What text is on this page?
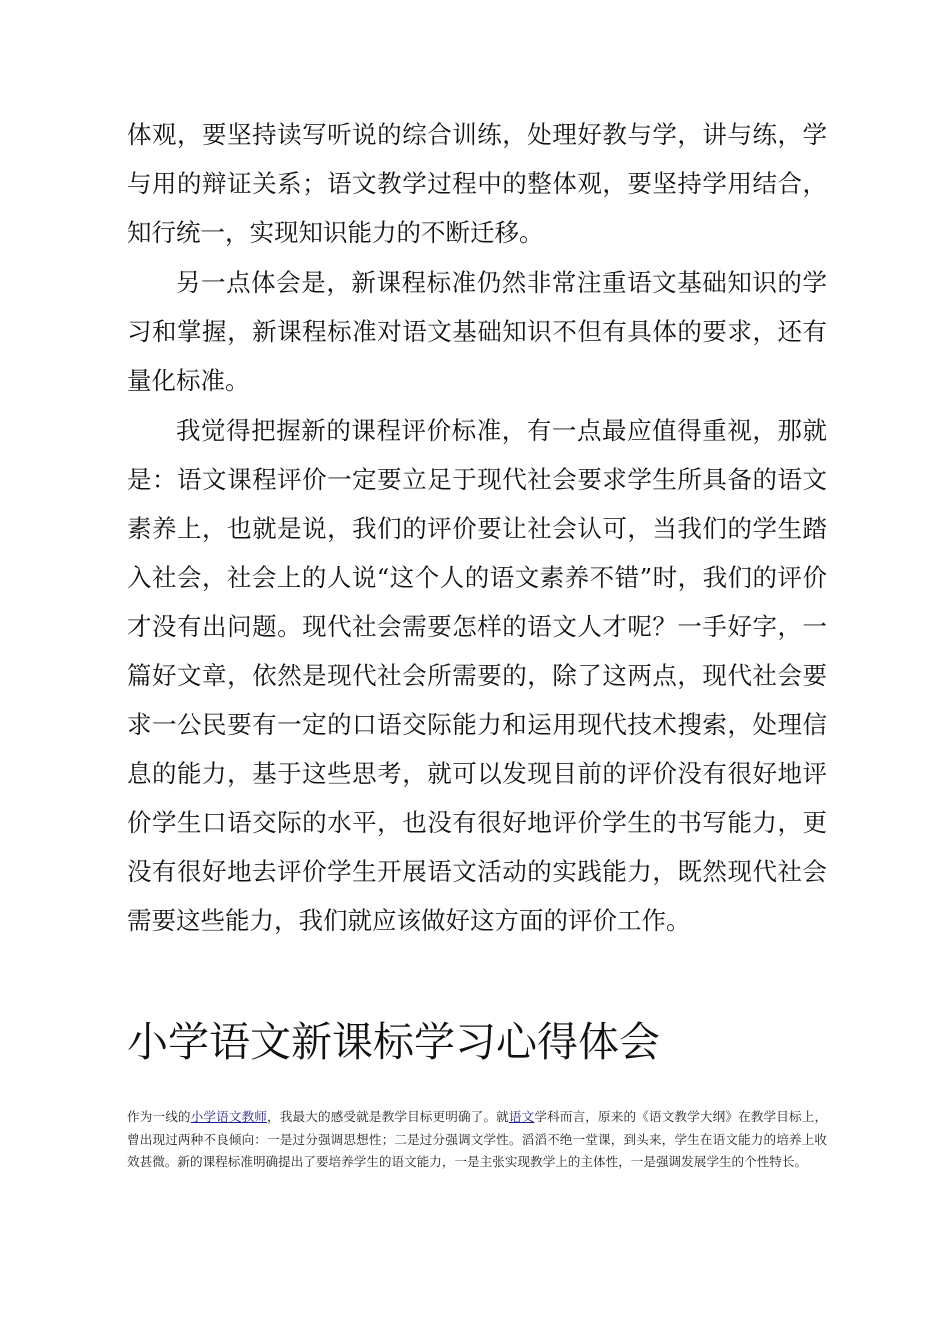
体观，要坚持读写听说的综合训练，处理好教与学，讲与练，学与用的辩证关系；语文教学过程中的整体观，要坚持学用结合，知行统一，实现知识能力的不断迁移。

另一点体会是，新课程标准仍然非常注重语文基础知识的学习和掌握，新课程标准对语文基础知识不但有具体的要求，还有量化标准。

我觉得把握新的课程评价标准，有一点最应值得重视，那就是：语文课程评价一定要立足于现代社会要求学生所具备的语文素养上，也就是说，我们的评价要让社会认可，当我们的学生踏入社会，社会上的人说“这个人的语文素养不错”时，我们的评价才没有出问题。现代社会需要怎样的语文人才呢？一手好字，一篇好文章，依然是现代社会所需要的，除了这两点，现代社会要求一公民要有一定的口语交际能力和运用现代技术搜索，处理信息的能力，基于这些思考，就可以发现目前的评价没有很好地评价学生口语交际的水平，也没有很好地评价学生的书写能力，更没有很好地去评价学生开展语文活动的实践能力，既然现代社会需要这些能力，我们就应该做好这方面的评价工作。

小学语文新课标学习心得体会

作为一线的小学语文教师，我最大的感受就是教学目标更明确了。就语文学科而言，原来的《语文教学大纲》在教学目标上，曾出现过两种不良倾向：一是过分强调思想性；二是过分强调文学性。滔滔不绝一堂课，到头来，学生在语文能力的培养上收效甚微。新的课程标准明确提出了要培养学生的语文能力，一是主张实现教学上的主体性，一是强调发展学生的个性特长。
